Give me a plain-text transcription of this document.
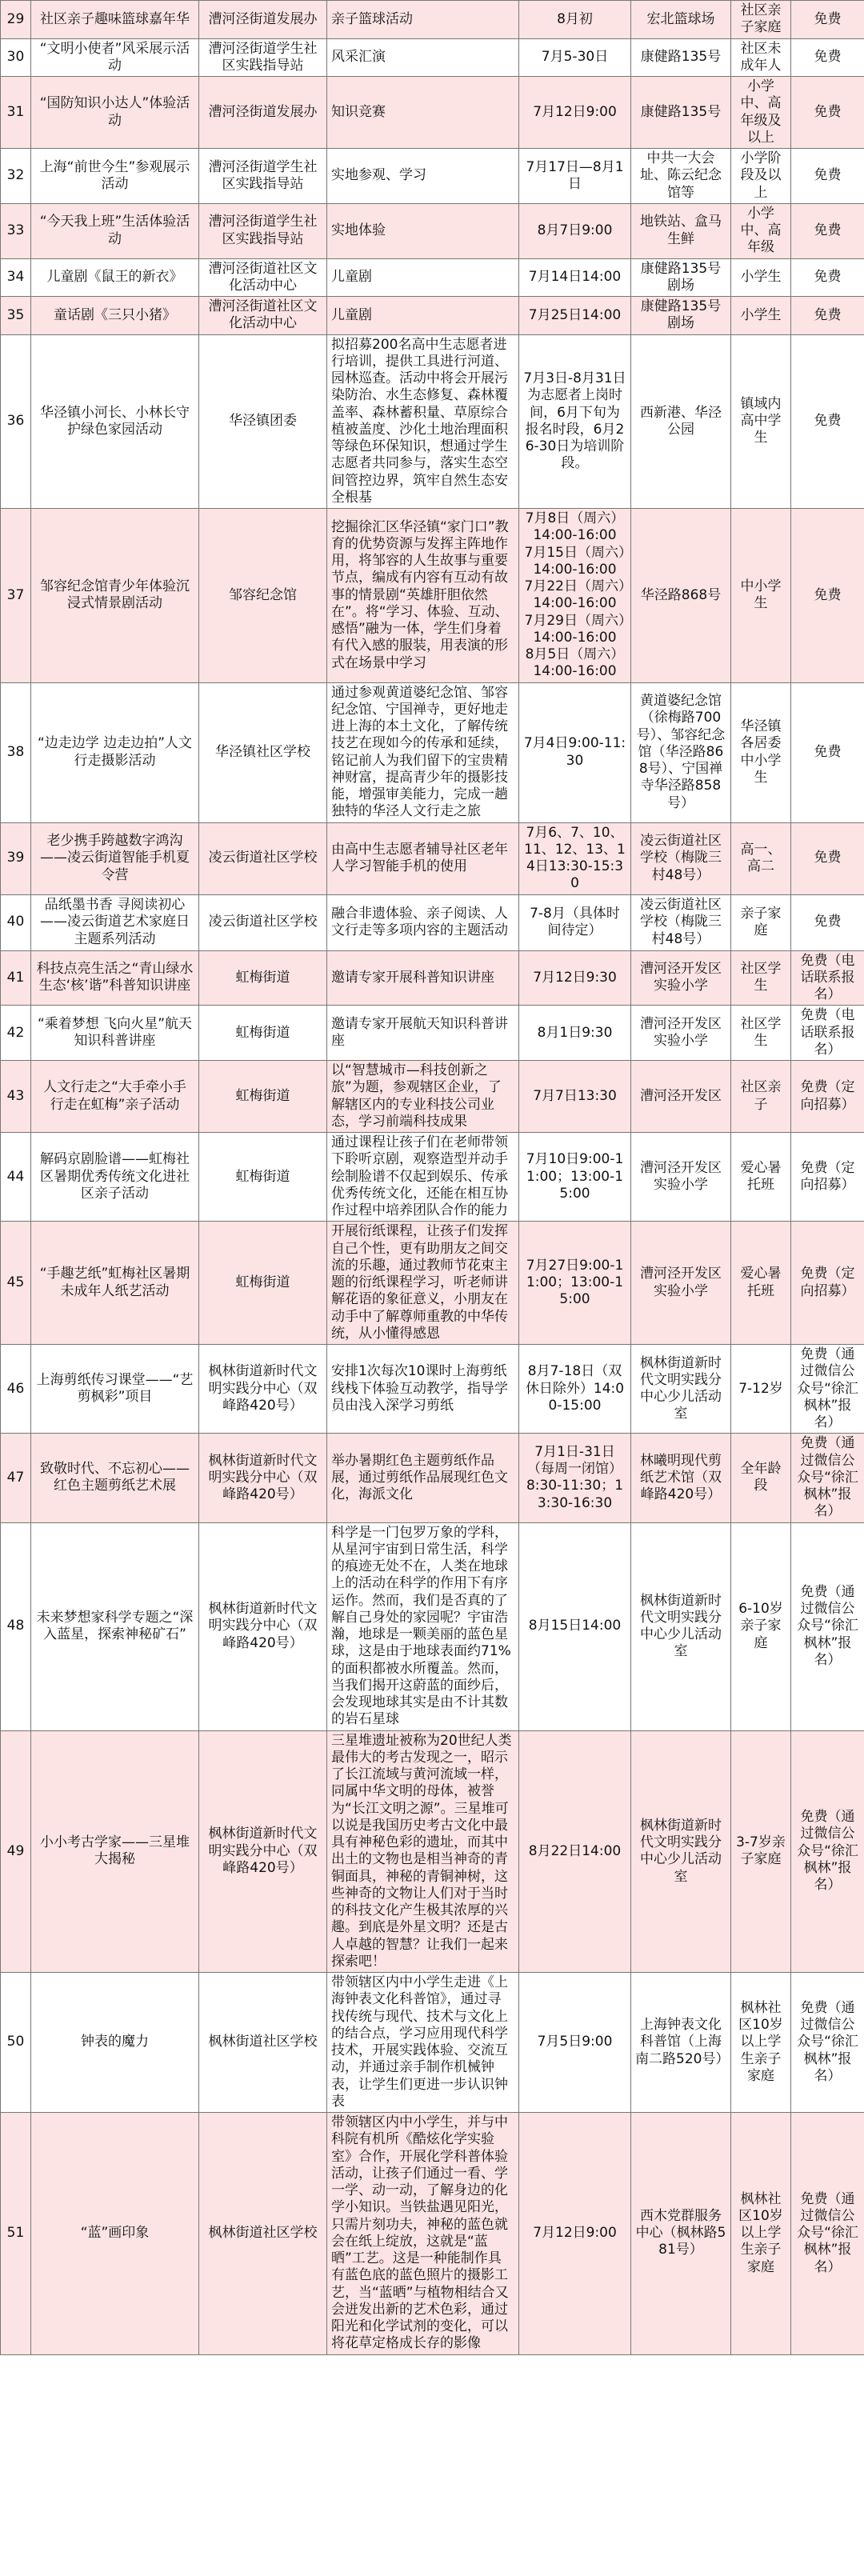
29	社区亲子趣味篮球嘉年华	漕河泾街道发展办	亲子篮球活动	8月初	宏北篮球场	社区亲子家庭	免费
30	“文明小使者”风采展示活动	漕河泾街道学生社区实践指导站	风采汇演	7月5-30日	康健路135号	社区未成年人	免费
31	“国防知识小达人”体验活动	漕河泾街道发展办	知识竞赛	7月12日9:00	康健路135号	小学中、高年级及以上	免费
32	上海“前世今生”参观展示活动	漕河泾街道学生社区实践指导站	实地参观、学习	7月17日—8月1日	中共一大会址、陈云纪念馆等	小学阶段及以上	免费
33	“今天我上班”生活体验活动	漕河泾街道学生社区实践指导站	实地体验	8月7日9:00	地铁站、盒马生鲜	小学中、高年级	免费
34	儿童剧《鼠王的新衣》	漕河泾街道社区文化活动中心	儿童剧	7月14日14:00	康健路135号剧场	小学生	免费
35	童话剧《三只小猪》	漕河泾街道社区文化活动中心	儿童剧	7月25日14:00	康健路135号剧场	小学生	免费
36	华泾镇小河长、小林长守护绿色家园活动	华泾镇团委	拟招募200名高中生志愿者进行培训，提供工具进行河道、园林巡查。活动中将会开展污染防治、水生态修复、森林覆盖率、森林蓄积量、草原综合植被盖度、沙化土地治理面积等绿色环保知识，想通过学生志愿者共同参与，落实生态空间管控边界，筑牢自然生态安全根基	7月3日-8月31日为志愿者上岗时间，6月下旬为报名时段，6月26-30日为培训阶段。	西新港、华泾公园	镇域内高中学生	免费
37	邹容纪念馆青少年体验沉浸式情景剧活动	邹容纪念馆	挖掘徐汇区华泾镇“家门口”教育的优势资源与发挥主阵地作用，将邹容的人生故事与重要节点，编成有内容有互动有故事的情景剧“英雄肝胆依然在”。将“学习、体验、互动、感悟”融为一体，学生们身着有代入感的服装，用表演的形式在场景中学习	7月8日（周六）14:00-16:00
7月15日（周六）14:00-16:00
7月22日（周六）14:00-16:00
7月29日（周六）14:00-16:00
8月5日（周六）14:00-16:00	华泾路868号	中小学生	免费
38	“边走边学 边走边拍”人文行走摄影活动	华泾镇社区学校	通过参观黄道婆纪念馆、邹容纪念馆、宁国禅寺，更好地走进上海的本土文化，了解传统技艺在现如今的传承和延续，铭记前人为我们留下的宝贵精神财富，提高青少年的摄影技能，增强审美能力，完成一趟独特的华泾人文行走之旅	7月4日9:00-11:30	黄道婆纪念馆（徐梅路700号）、邹容纪念馆（华泾路868号）、宁国禅寺华泾路858号）	华泾镇各居委中小学生	免费
39	老少携手跨越数字鸿沟——凌云街道智能手机夏令营	凌云街道社区学校	由高中生志愿者辅导社区老年人学习智能手机的使用	7月6、7、10、11、12、13、14日13:30-15:30	凌云街道社区学校（梅陇三村48号）	高一、高二	免费
40	品纸墨书香 寻阅读初心——凌云街道艺术家庭日主题系列活动	凌云街道社区学校	融合非遗体验、亲子阅读、人文行走等多项内容的主题活动	7-8月（具体时间待定）	凌云街道社区学校（梅陇三村48号）	亲子家庭	免费
41	科技点亮生活之“青山绿水 生态‘核’谐”科普知识讲座	虹梅街道	邀请专家开展科普知识讲座	7月12日9:30	漕河泾开发区实验小学	社区学生	免费（电话联系报名）
42	“乘着梦想 飞向火星”航天知识科普讲座	虹梅街道	邀请专家开展航天知识科普讲座	8月1日9:30	漕河泾开发区实验小学	社区学生	免费（电话联系报名）
43	人文行走之“大手牵小手 行走在虹梅”亲子活动	虹梅街道	以“智慧城市—科技创新之旅”为题，参观辖区企业，了解辖区内的专业科技公司业态，学习前端科技成果	7月7日13:30	漕河泾开发区	社区亲子	免费（定向招募）
44	解码京剧脸谱——虹梅社区暑期优秀传统文化进社区亲子活动	虹梅街道	通过课程让孩子们在老师带领下聆听京剧，观察造型并动手绘制脸谱不仅起到娱乐、传承优秀传统文化，还能在相互协作过程中培养团队合作的能力	7月10日9:00-11:00；13:00-15:00	漕河泾开发区实验小学	爱心暑托班	免费（定向招募）
45	“手趣艺纸”虹梅社区暑期未成年人纸艺活动	虹梅街道	开展衍纸课程，让孩子们发挥自己个性，更有助朋友之间交流的乐趣，通过教师节花束主题的衍纸课程学习，听老师讲解花语的象征意义，小朋友在动手中了解尊师重教的中华传统，从小懂得感恩	7月27日9:00-11:00；13:00-15:00	漕河泾开发区实验小学	爱心暑托班	免费（定向招募）
46	上海剪纸传习课堂——“艺剪枫彩”项目	枫林街道新时代文明实践分中心（双峰路420号）	安排1次每次10课时上海剪纸线栈下体验互动教学，指导学员由浅入深学习剪纸	8月7-18日（双休日除外）14:00-15:00	枫林街道新时代文明实践分中心少儿活动室	7-12岁	免费（通过微信公众号“徐汇枫林”报名）
47	致敬时代、不忘初心——红色主题剪纸艺术展	枫林街道新时代文明实践分中心（双峰路420号）	举办暑期红色主题剪纸作品展，通过剪纸作品展现红色文化，海派文化	7月1日-31日（每周一闭馆）8:30-11:30；13:30-16:30	林曦明现代剪纸艺术馆（双峰路420号）	全年龄段	免费（通过微信公众号“徐汇枫林”报名）
48	未来梦想家科学专题之“深入蓝星，探索神秘矿石”	枫林街道新时代文明实践分中心（双峰路420号）	科学是一门包罗万象的学科，从星河宇宙到日常生活，科学的痕迹无处不在，人类在地球上的活动在科学的作用下有序运作。然而，我们是否真的了解自己身处的家园呢？宇宙浩瀚，地球是一颗美丽的蓝色星球，这是由于地球表面约71%的面积都被水所覆盖。然而，当我们揭开这蔚蓝的面纱后，会发现地球其实是由不计其数的岩石星球	8月15日14:00	枫林街道新时代文明实践分中心少儿活动室	6-10岁亲子家庭	免费（通过微信公众号“徐汇枫林”报名）
49	小小考古学家——三星堆大揭秘	枫林街道新时代文明实践分中心（双峰路420号）	三星堆遗址被称为20世纪人类最伟大的考古发现之一，昭示了长江流域与黄河流域一样，同属中华文明的母体，被誉为“长江文明之源”。三星堆可以说是我国历史考古文化中最具有神秘色彩的遗址，而其中出土的文物也是相当神奇的青铜面具，神秘的青铜神树，这些神奇的文物让人们对于当时的科技文化产生极其浓厚的兴趣。到底是外星文明？还是古人卓越的智慧？让我们一起来探索吧！	8月22日14:00	枫林街道新时代文明实践分中心少儿活动室	3-7岁亲子家庭	免费（通过微信公众号“徐汇枫林”报名）
50	钟表的魔力	枫林街道社区学校	带领辖区内中小学生走进《上海钟表文化科普馆》，通过寻找传统与现代、技术与文化上的结合点，学习应用现代科学技术，开展实践体验、交流互动，并通过亲手制作机械钟表，让学生们更进一步认识钟表	7月5日9:00	上海钟表文化科普馆（上海南二路520号）	枫林社区10岁以上学生亲子家庭	免费（通过微信公众号“徐汇枫林”报名）
51	“蓝”画印象	枫林街道社区学校	带领辖区内中小学生，并与中科院有机所《酷炫化学实验室》合作，开展化学科普体验活动，让孩子们通过一看、学一学、动一动，了解身边的化学小知识。当铁盐遇见阳光，只需片刻功夫，神秘的蓝色就会在纸上绽放，这就是“蓝晒”工艺。这是一种能制作具有蓝色底的蓝色照片的摄影工艺，当“蓝晒”与植物相结合又会迸发出新的艺术色彩，通过阳光和化学试剂的变化，可以将花草定格成长存的影像	7月12日9:00	西木党群服务中心（枫林路581号）	枫林社区10岁以上学生亲子家庭	免费（通过微信公众号“徐汇枫林”报名）
